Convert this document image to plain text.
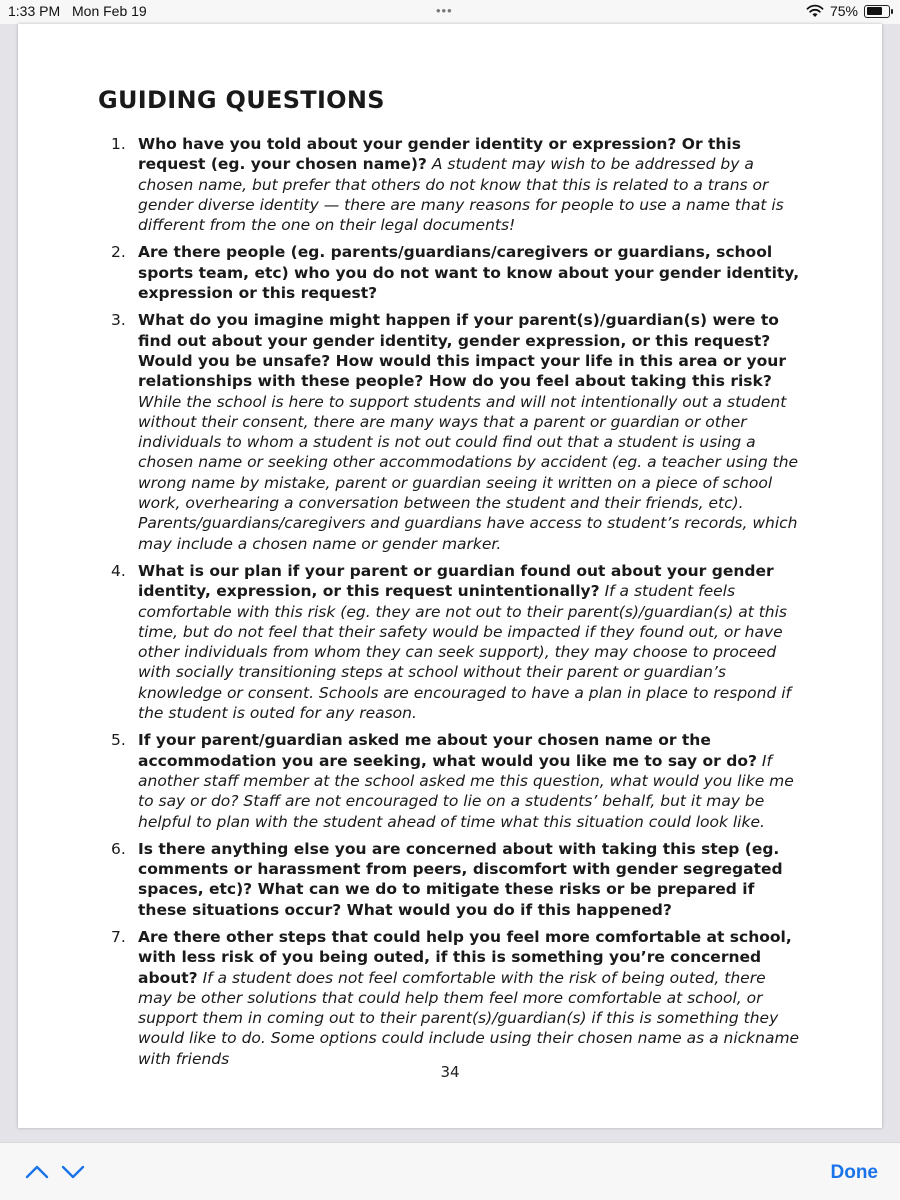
1:33 PM Mon Feb 19	•••	75%
GUIDING QUESTIONS
1. Who have you told about your gender identity or expression? Or this request (eg. your chosen name)? A student may wish to be addressed by a chosen name, but prefer that others do not know that this is related to a trans or gender diverse identity — there are many reasons for people to use a name that is different from the one on their legal documents!
2. Are there people (eg. parents/guardians/caregivers or guardians, school sports team, etc) who you do not want to know about your gender identity, expression or this request?
3. What do you imagine might happen if your parent(s)/guardian(s) were to find out about your gender identity, gender expression, or this request? Would you be unsafe? How would this impact your life in this area or your relationships with these people? How do you feel about taking this risk? While the school is here to support students and will not intentionally out a student without their consent, there are many ways that a parent or guardian or other individuals to whom a student is not out could find out that a student is using a chosen name or seeking other accommodations by accident (eg. a teacher using the wrong name by mistake, parent or guardian seeing it written on a piece of school work, overhearing a conversation between the student and their friends, etc). Parents/guardians/caregivers and guardians have access to student’s records, which may include a chosen name or gender marker.
4. What is our plan if your parent or guardian found out about your gender identity, expression, or this request unintentionally? If a student feels comfortable with this risk (eg. they are not out to their parent(s)/guardian(s) at this time, but do not feel that their safety would be impacted if they found out, or have other individuals from whom they can seek support), they may choose to proceed with socially transitioning steps at school without their parent or guardian’s knowledge or consent. Schools are encouraged to have a plan in place to respond if the student is outed for any reason.
5. If your parent/guardian asked me about your chosen name or the accommodation you are seeking, what would you like me to say or do? If another staff member at the school asked me this question, what would you like me to say or do? Staff are not encouraged to lie on a students’ behalf, but it may be helpful to plan with the student ahead of time what this situation could look like.
6. Is there anything else you are concerned about with taking this step (eg. comments or harassment from peers, discomfort with gender segregated spaces, etc)? What can we do to mitigate these risks or be prepared if these situations occur? What would you do if this happened?
7. Are there other steps that could help you feel more comfortable at school, with less risk of you being outed, if this is something you’re concerned about? If a student does not feel comfortable with the risk of being outed, there may be other solutions that could help them feel more comfortable at school, or support them in coming out to their parent(s)/guardian(s) if this is something they would like to do. Some options could include using their chosen name as a nickname with friends
34
Done
